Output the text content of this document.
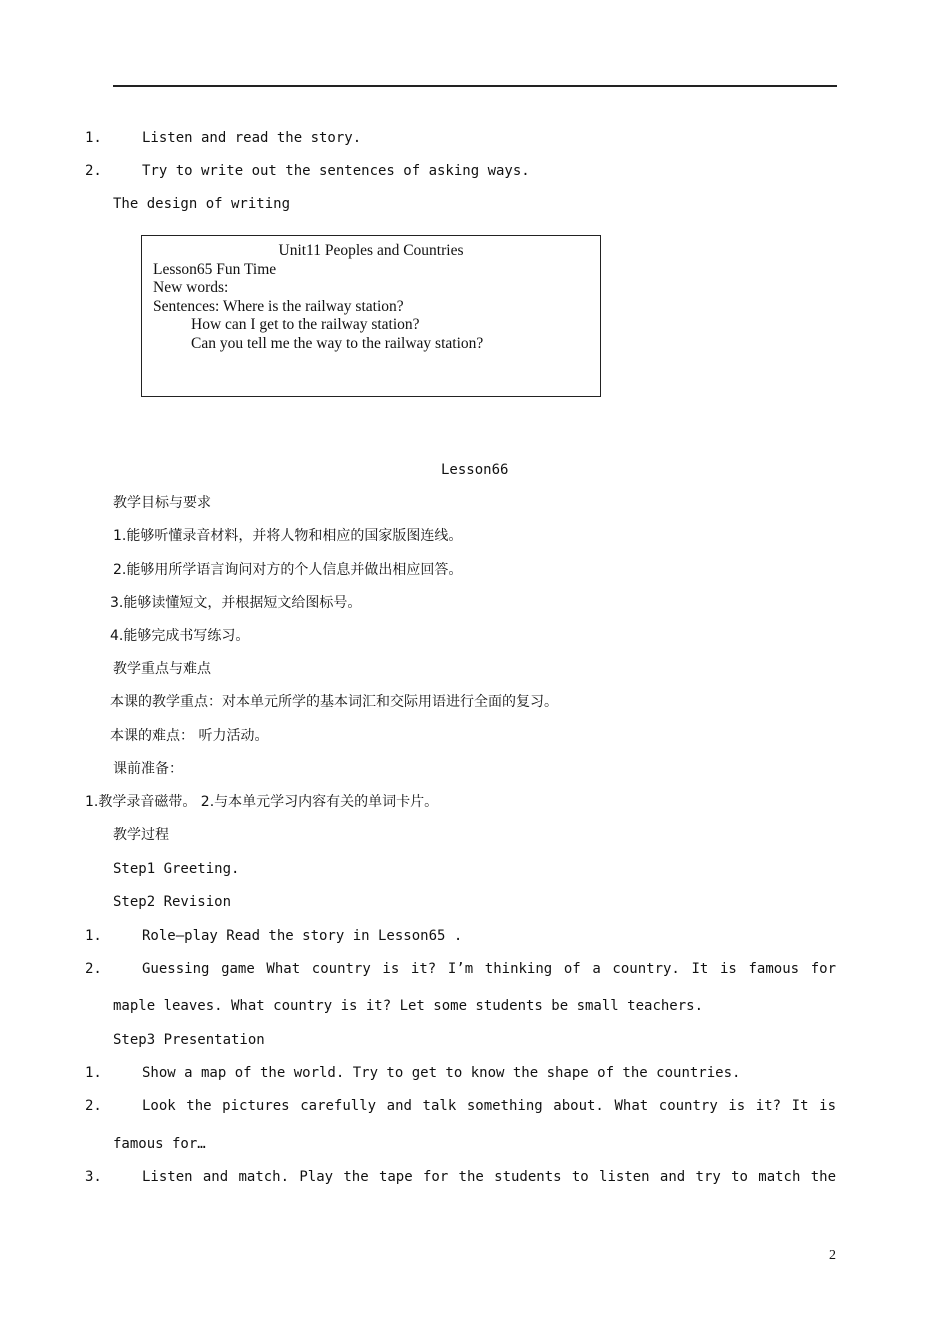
1.	Listen and read the story.
2.	Try to write out the sentences of asking ways.
The design of writing
Unit11 Peoples and Countries
Lesson65 Fun Time
New words:
Sentences: Where is the railway station?
How can I get to the railway station?
Can you tell me the way to the railway station?
Lesson66
教学目标与要求
1.能够听懂录音材料，并将人物和相应的国家版图连线。
2.能够用所学语言询问对方的个人信息并做出相应回答。
3.能够读懂短文，并根据短文给图标号。
4.能够完成书写练习。
教学重点与难点
本课的教学重点：对本单元所学的基本词汇和交际用语进行全面的复习。
本课的难点： 听力活动。
课前准备：
1.教学录音磁带。 2.与本单元学习内容有关的单词卡片。
教学过程
Step1 Greeting.
Step2 Revision
1.	Role—play Read the story in Lesson65 .
2.	Guessing game What country is it? I’m thinking of a country. It is famous for
maple leaves. What country is it? Let some students be small teachers.
Step3 Presentation
1.	Show a map of the world. Try to get to know the shape of the countries.
2.	Look the pictures carefully and talk something about. What country is it? It is
famous for…
3.	Listen and match. Play the tape for the students to listen and try to match the
2
